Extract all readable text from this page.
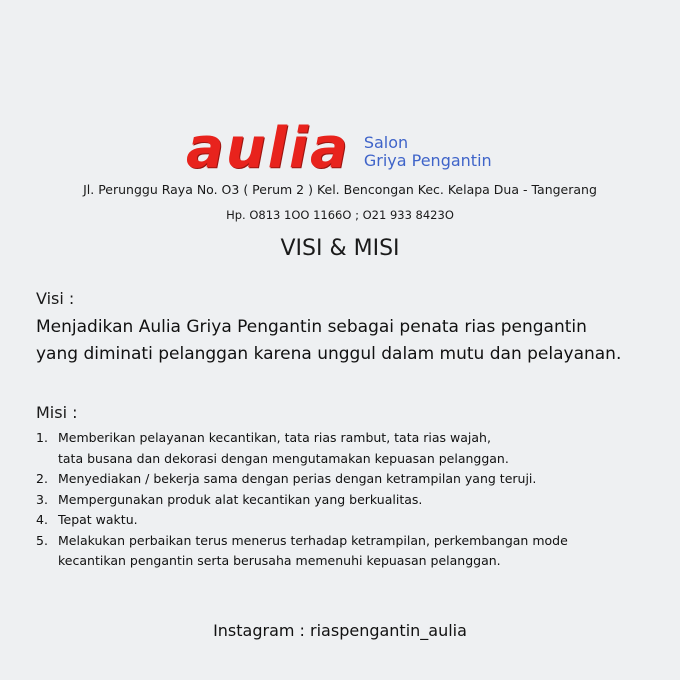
aulia Salon
Griya Pengantin
Jl. Perunggu Raya No. O3 ( Perum 2 ) Kel. Bencongan Kec. Kelapa Dua - Tangerang
Hp. O813 1OO 1166O ; O21 933 8423O
VISI & MISI
Visi :
Menjadikan Aulia Griya Pengantin sebagai penata rias pengantin
yang diminati pelanggan karena unggul dalam mutu dan pelayanan.
Misi :
1. Memberikan pelayanan kecantikan, tata rias rambut, tata rias wajah,
tata busana dan dekorasi dengan mengutamakan kepuasan pelanggan.
2. Menyediakan / bekerja sama dengan perias dengan ketrampilan yang teruji.
3. Mempergunakan produk alat kecantikan yang berkualitas.
4. Tepat waktu.
5. Melakukan perbaikan terus menerus terhadap ketrampilan, perkembangan mode
kecantikan pengantin serta berusaha memenuhi kepuasan pelanggan.
Instagram : riaspengantin_aulia
